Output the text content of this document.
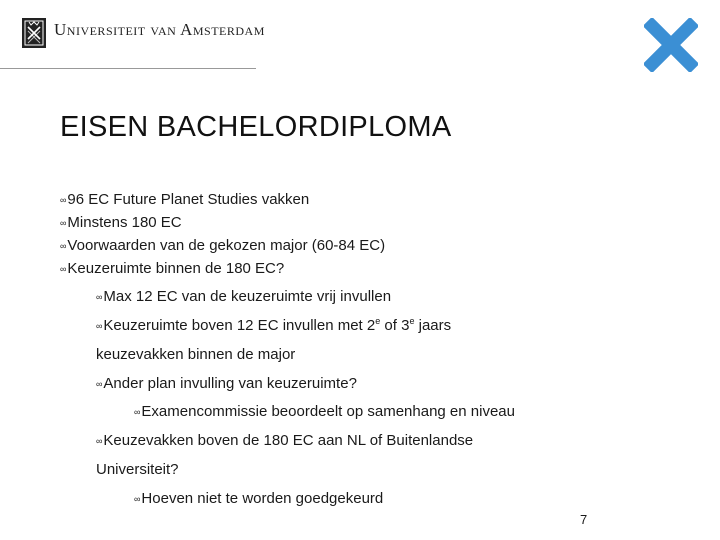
Universiteit van Amsterdam
EISEN BACHELORDIPLOMA
∞96 EC Future Planet Studies vakken
∞Minstens 180 EC
∞Voorwaarden van de gekozen major (60-84 EC)
∞Keuzeruimte binnen de 180 EC?
∞Max 12 EC van de keuzeruimte vrij invullen
∞Keuzeruimte boven 12 EC invullen met 2e of 3e jaars
keuzevakken binnen de major
∞Ander plan invulling van keuzeruimte?
∞Examencommissie beoordeelt op samenhang en niveau
∞Keuzevakken boven de 180 EC aan NL of Buitenlandse
Universiteit?
∞Hoeven niet te worden goedgekeurd
7
